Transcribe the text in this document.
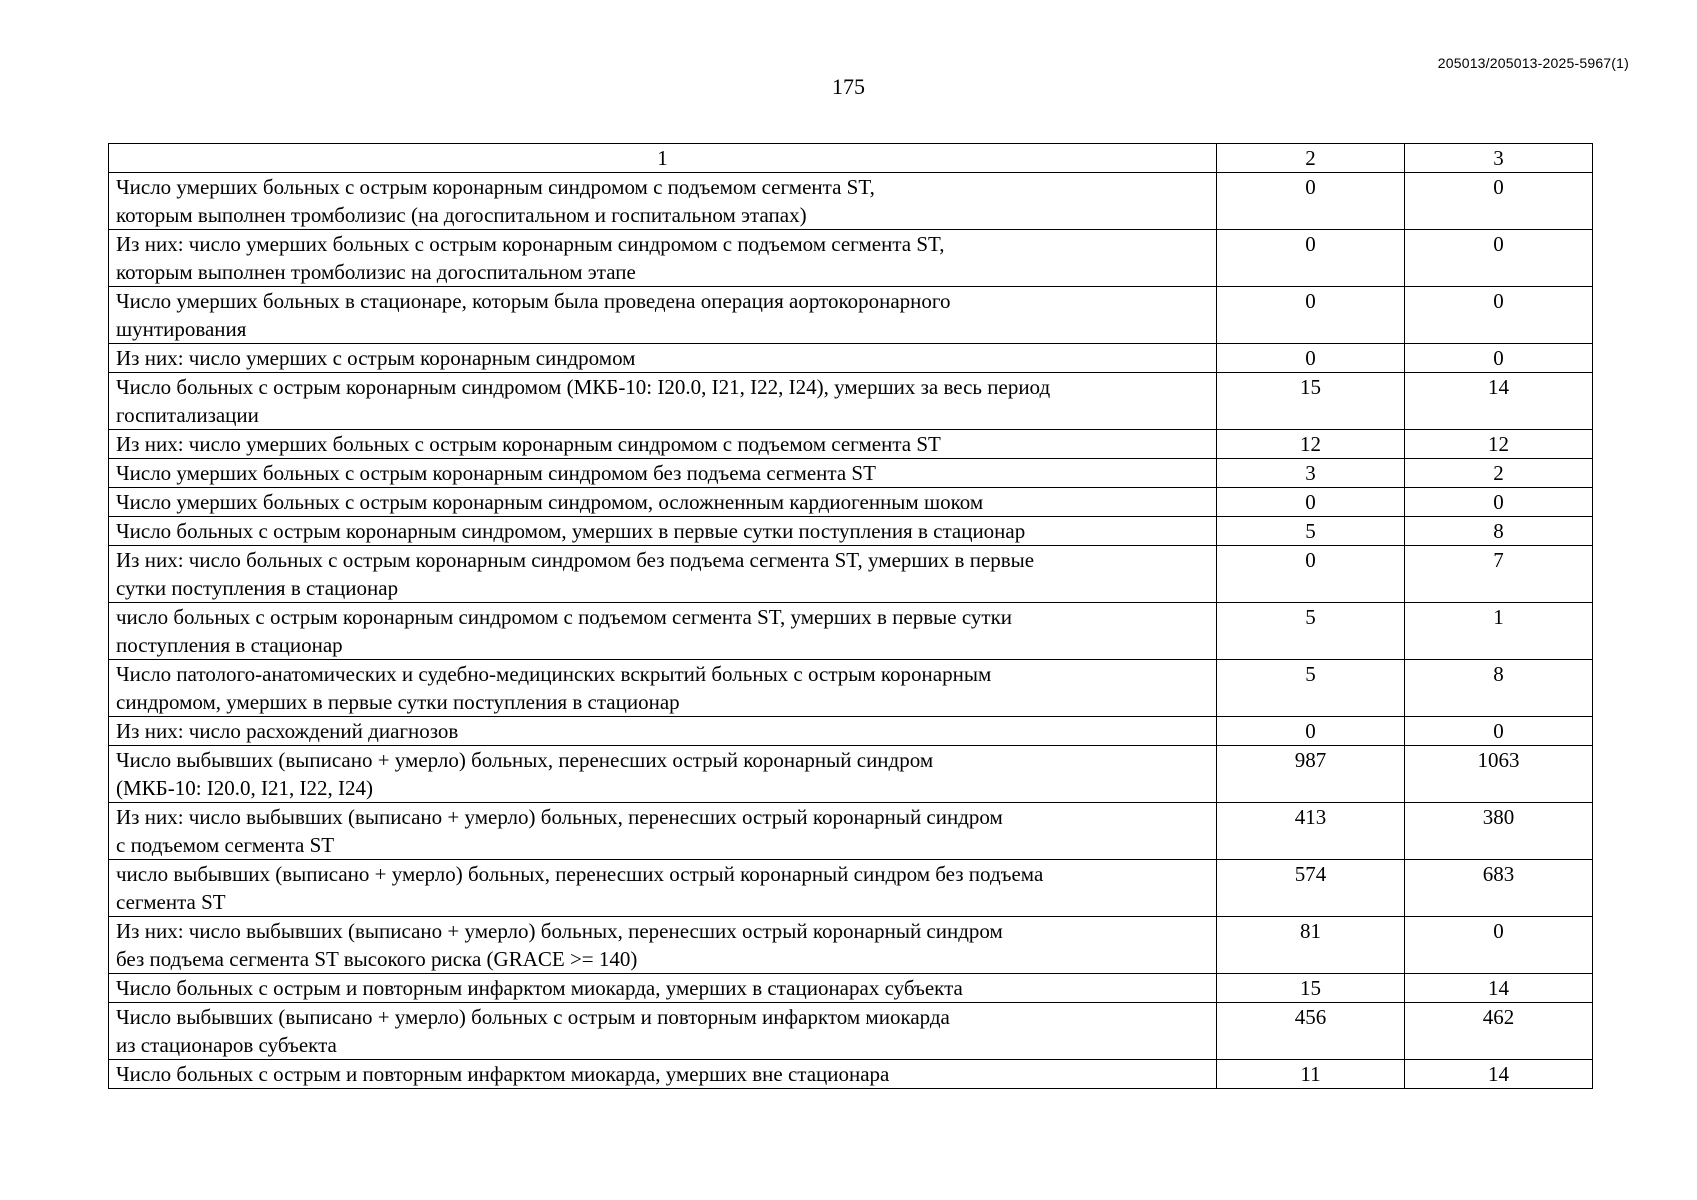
205013/205013-2025-5967(1)
175
1	2	3
Число умерших больных с острым коронарным синдромом с подъемом сегмента ST,
которым выполнен тромболизис (на догоспитальном и госпитальном этапах)	0	0
Из них: число умерших больных с острым коронарным синдромом с подъемом сегмента ST,
которым выполнен тромболизис на догоспитальном этапе	0	0
Число умерших больных в стационаре, которым была проведена операция аортокоронарного
шунтирования	0	0
Из них: число умерших с острым коронарным синдромом	0	0
Число больных с острым коронарным синдромом (МКБ-10: I20.0, I21, I22, I24), умерших за весь период
госпитализации	15	14
Из них: число умерших больных с острым коронарным синдромом с подъемом сегмента ST	12	12
Число умерших больных с острым коронарным синдромом без подъема сегмента ST	3	2
Число умерших больных с острым коронарным синдромом, осложненным кардиогенным шоком	0	0
Число больных с острым коронарным синдромом, умерших в первые сутки поступления в стационар	5	8
Из них: число больных с острым коронарным синдромом без подъема сегмента ST, умерших в первые
сутки поступления в стационар	0	7
число больных с острым коронарным синдромом с подъемом сегмента ST, умерших в первые сутки
поступления в стационар	5	1
Число патолого-анатомических и судебно-медицинских вскрытий больных с острым коронарным
синдромом, умерших в первые сутки поступления в стационар	5	8
Из них: число расхождений диагнозов	0	0
Число выбывших (выписано + умерло) больных, перенесших острый коронарный синдром
(МКБ-10: I20.0, I21, I22, I24)	987	1063
Из них: число выбывших (выписано + умерло) больных, перенесших острый коронарный синдром
с подъемом сегмента ST	413	380
число выбывших (выписано + умерло) больных, перенесших острый коронарный синдром без подъема
сегмента ST	574	683
Из них: число выбывших (выписано + умерло) больных, перенесших острый коронарный синдром
без подъема сегмента ST высокого риска (GRACE >= 140)	81	0
Число больных с острым и повторным инфарктом миокарда, умерших в стационарах субъекта	15	14
Число выбывших (выписано + умерло) больных с острым и повторным инфарктом миокарда
из стационаров субъекта	456	462
Число больных с острым и повторным инфарктом миокарда, умерших вне стационара	11	14
